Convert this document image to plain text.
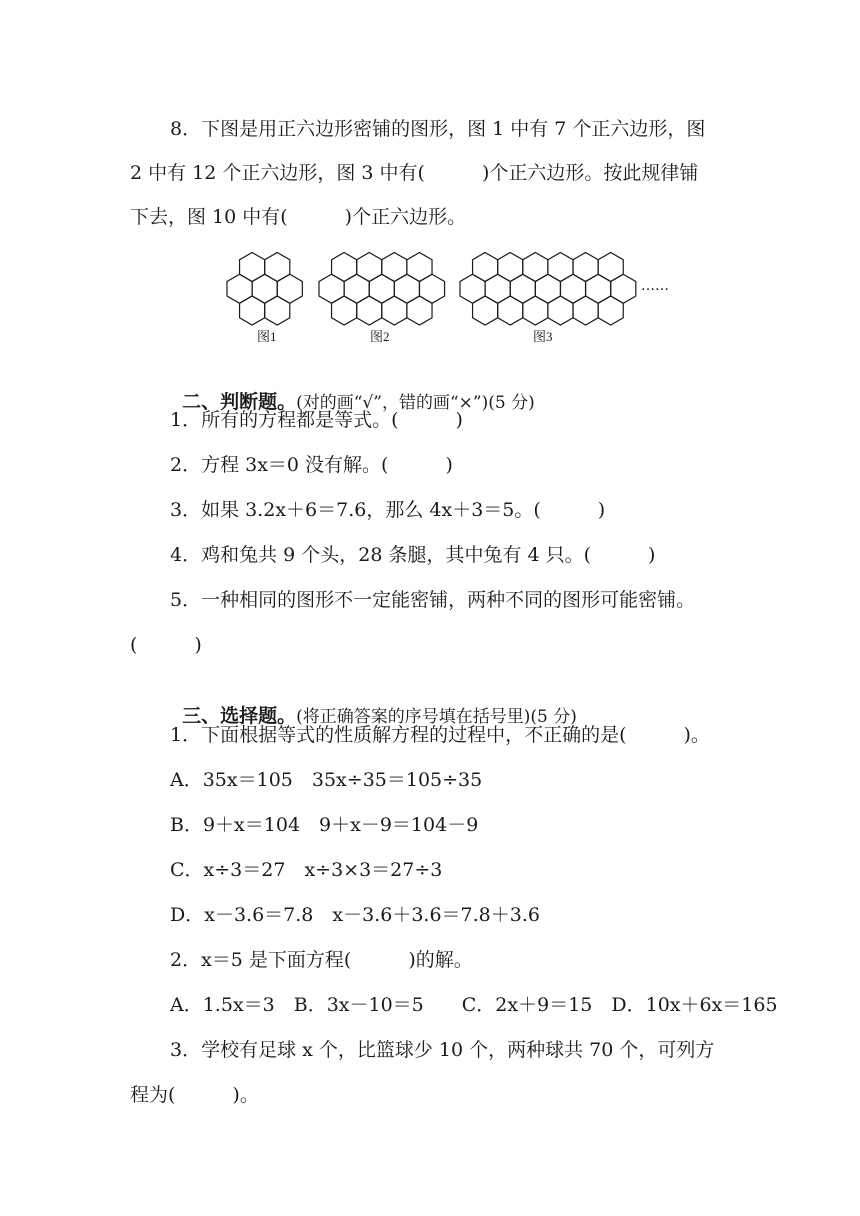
8．下图是用正六边形密铺的图形，图 1 中有 7 个正六边形，图
2 中有 12 个正六边形，图 3 中有(　　　)个正六边形。按此规律铺
下去，图 10 中有(　　　)个正六边形。
……
图1	图2	图3

二、判断题。(对的画“√”，错的画“×”)(5 分)

1．所有的方程都是等式。(　　　)
2．方程 3x＝0 没有解。(　　　)
3．如果 3.2x＋6＝7.6，那么 4x＋3＝5。(　　　)
4．鸡和兔共 9 个头，28 条腿，其中兔有 4 只。(　　　)
5．一种相同的图形不一定能密铺，两种不同的图形可能密铺。
(　　　)

三、选择题。(将正确答案的序号填在括号里)(5 分)

1．下面根据等式的性质解方程的过程中，不正确的是(　　　)。
A．35x＝105　35x÷35＝105÷35
B．9＋x＝104　9＋x－9＝104－9
C．x÷3＝27　x÷3×3＝27÷3
D．x－3.6＝7.8　x－3.6＋3.6＝7.8＋3.6
2．x＝5 是下面方程(　　　)的解。
A．1.5x＝3　B．3x－10＝5　　C．2x＋9＝15　D．10x＋6x＝165
3．学校有足球 x 个，比篮球少 10 个，两种球共 70 个，可列方
程为(　　　)。
